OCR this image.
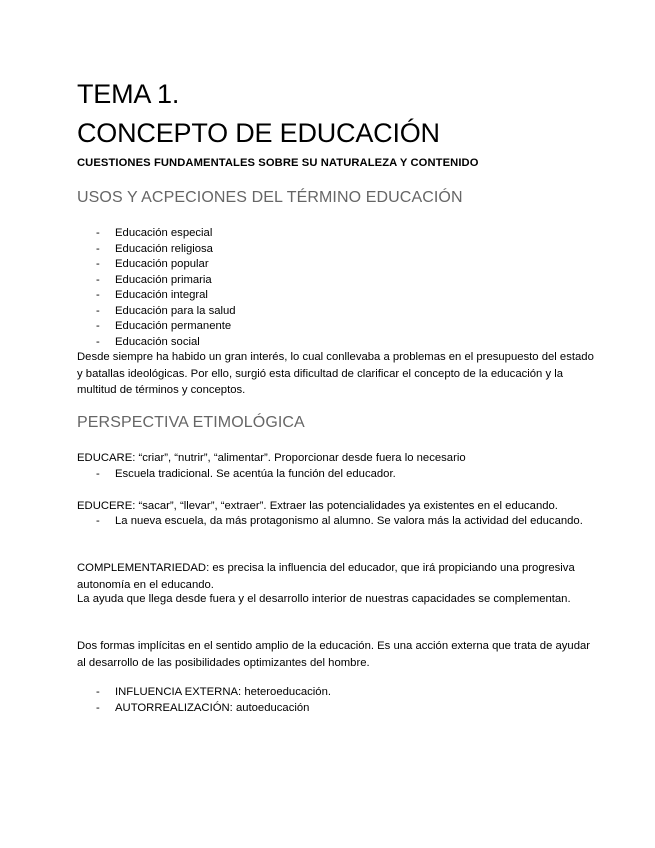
TEMA 1.
CONCEPTO DE EDUCACIÓN

CUESTIONES FUNDAMENTALES SOBRE SU NATURALEZA Y CONTENIDO

USOS Y ACPECIONES DEL TÉRMINO EDUCACIÓN
- Educación especial
- Educación religiosa
- Educación popular
- Educación primaria
- Educación integral
- Educación para la salud
- Educación permanente
- Educación social

Desde siempre ha habido un gran interés, lo cual conllevaba a problemas en el presupuesto del estado y batallas ideológicas. Por ello, surgió esta dificultad de clarificar el concepto de la educación y la multitud de términos y conceptos.

PERSPECTIVA ETIMOLÓGICA

EDUCARE: “criar”, “nutrir”, “alimentar”. Proporcionar desde fuera lo necesario

- Escuela tradicional. Se acentúa la función del educador.

EDUCERE: “sacar”, “llevar”, “extraer”. Extraer las potencialidades ya existentes en el educando.

- La nueva escuela, da más protagonismo al alumno. Se valora más la actividad del educando.

COMPLEMENTARIEDAD: es precisa la influencia del educador, que irá propiciando una progresiva autonomía en el educando.

La ayuda que llega desde fuera y el desarrollo interior de nuestras capacidades se complementan.

Dos formas implícitas en el sentido amplio de la educación. Es una acción externa que trata de ayudar al desarrollo de las posibilidades optimizantes del hombre.

- INFLUENCIA EXTERNA: heteroeducación.
- AUTORREALIZACIÓN: autoeducación
